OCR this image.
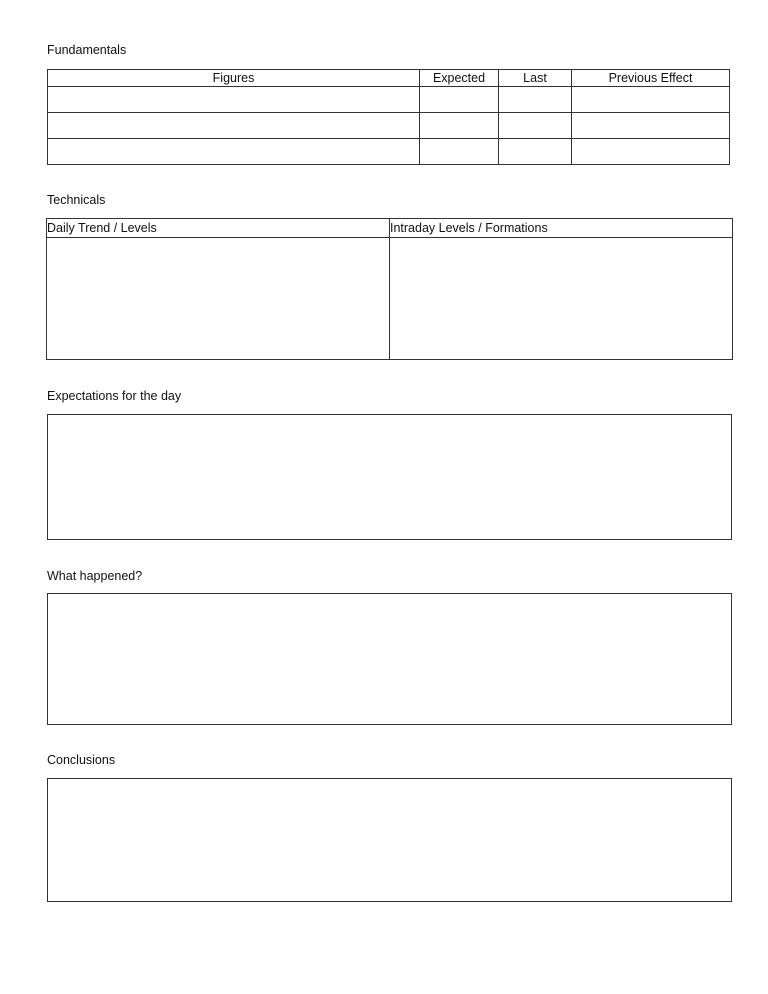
Fundamentals
Figures	Expected	Last	Previous Effect

Technicals
Daily Trend / Levels	Intraday Levels / Formations

Expectations for the day
What happened?
Conclusions
